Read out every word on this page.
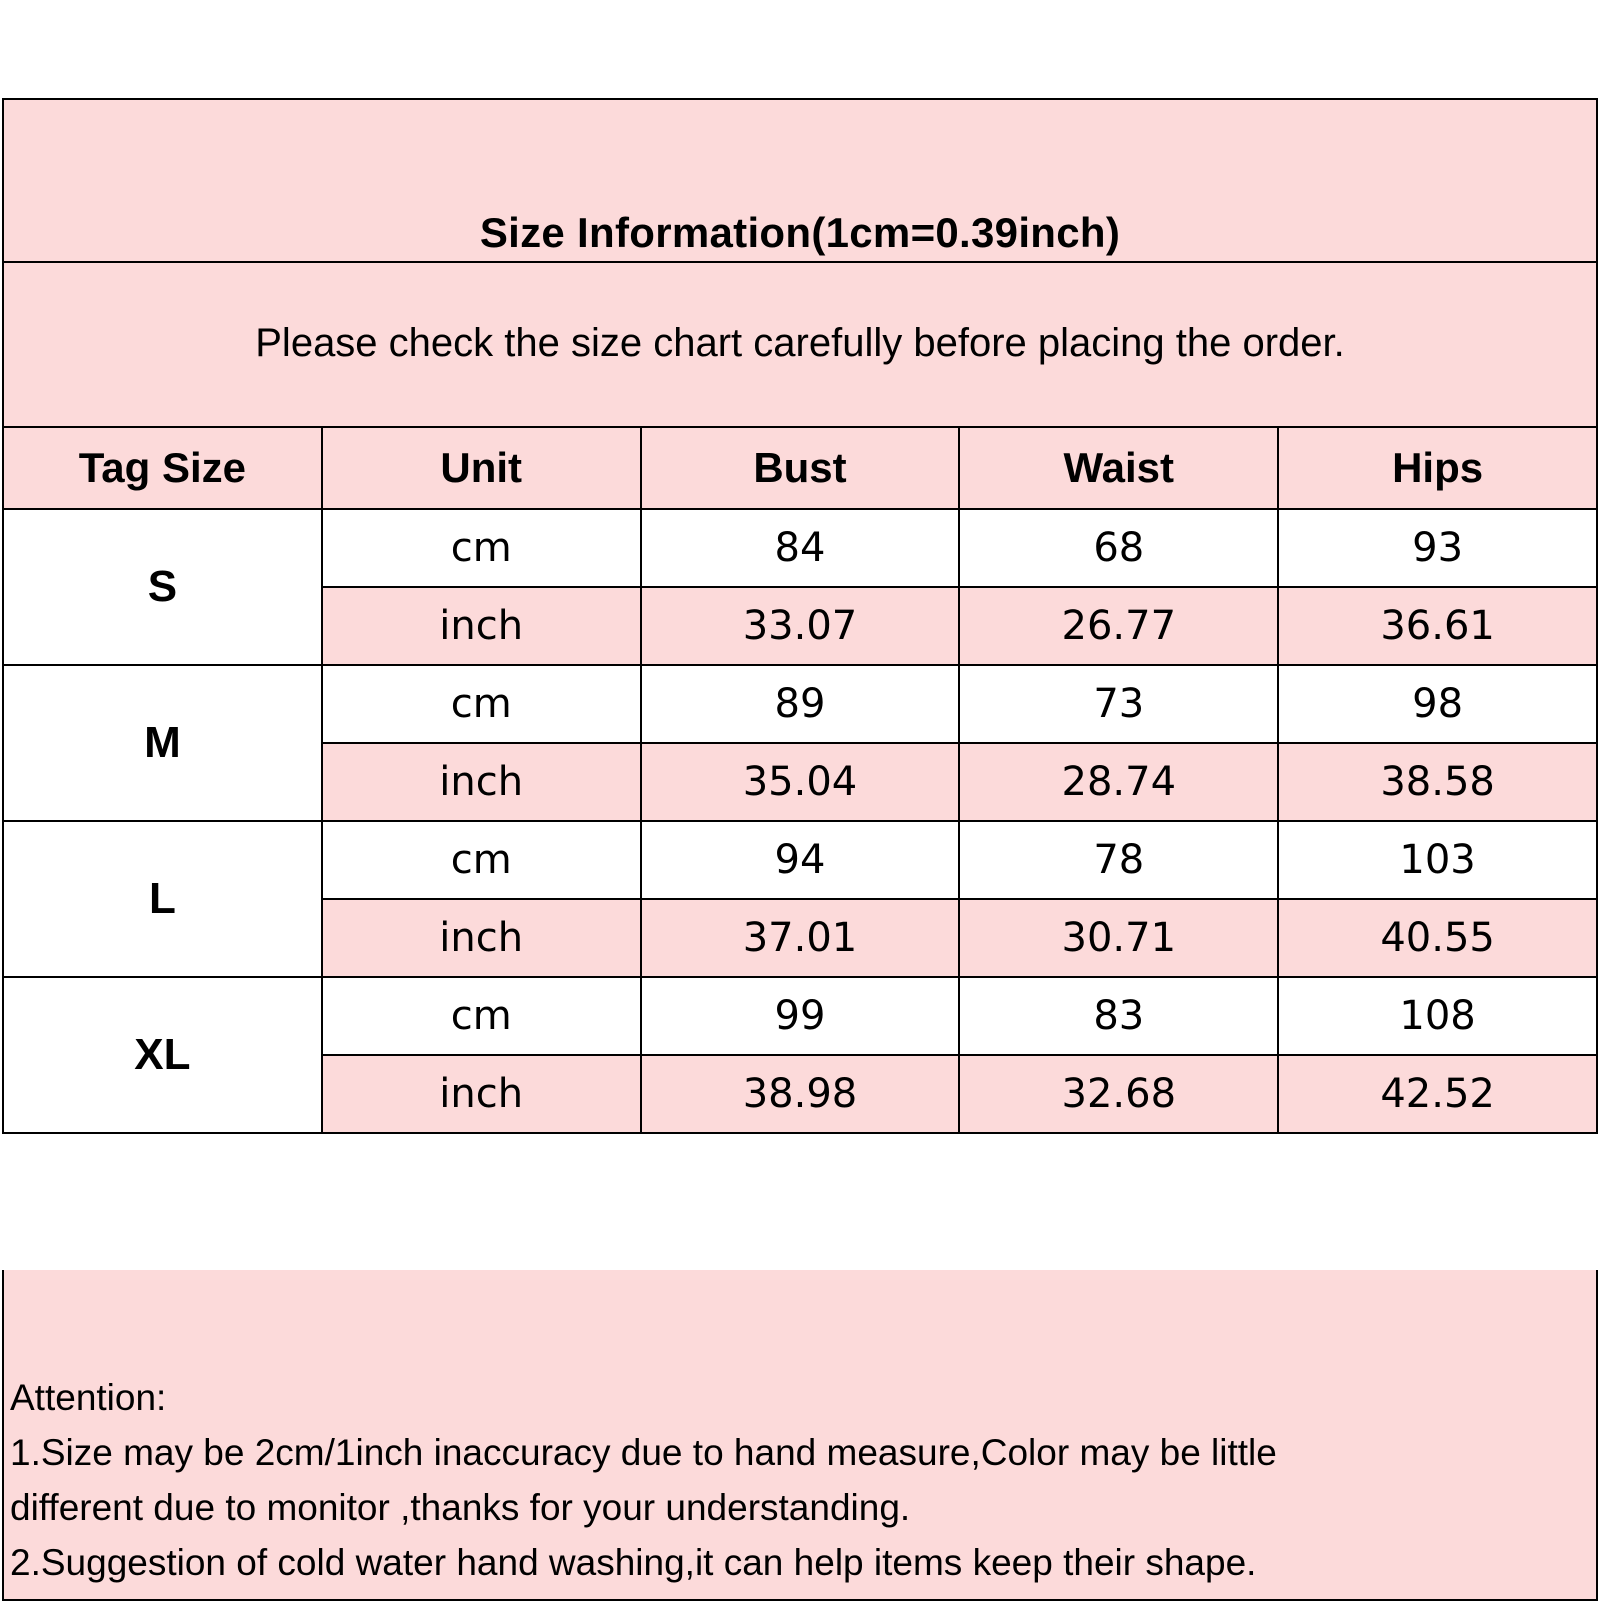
Size Information(1cm=0.39inch)
Please check the size chart carefully before placing the order.
Tag Size	Unit	Bust	Waist	Hips
S	cm	84	68	93
	inch	33.07	26.77	36.61
M	cm	89	73	98
	inch	35.04	28.74	38.58
L	cm	94	78	103
	inch	37.01	30.71	40.55
XL	cm	99	83	108
	inch	38.98	32.68	42.52
Attention:
1.Size may be 2cm/1inch inaccuracy due to hand measure,Color may be little
different due to monitor ,thanks for your understanding.
2.Suggestion of cold water hand washing,it can help items keep their shape.
